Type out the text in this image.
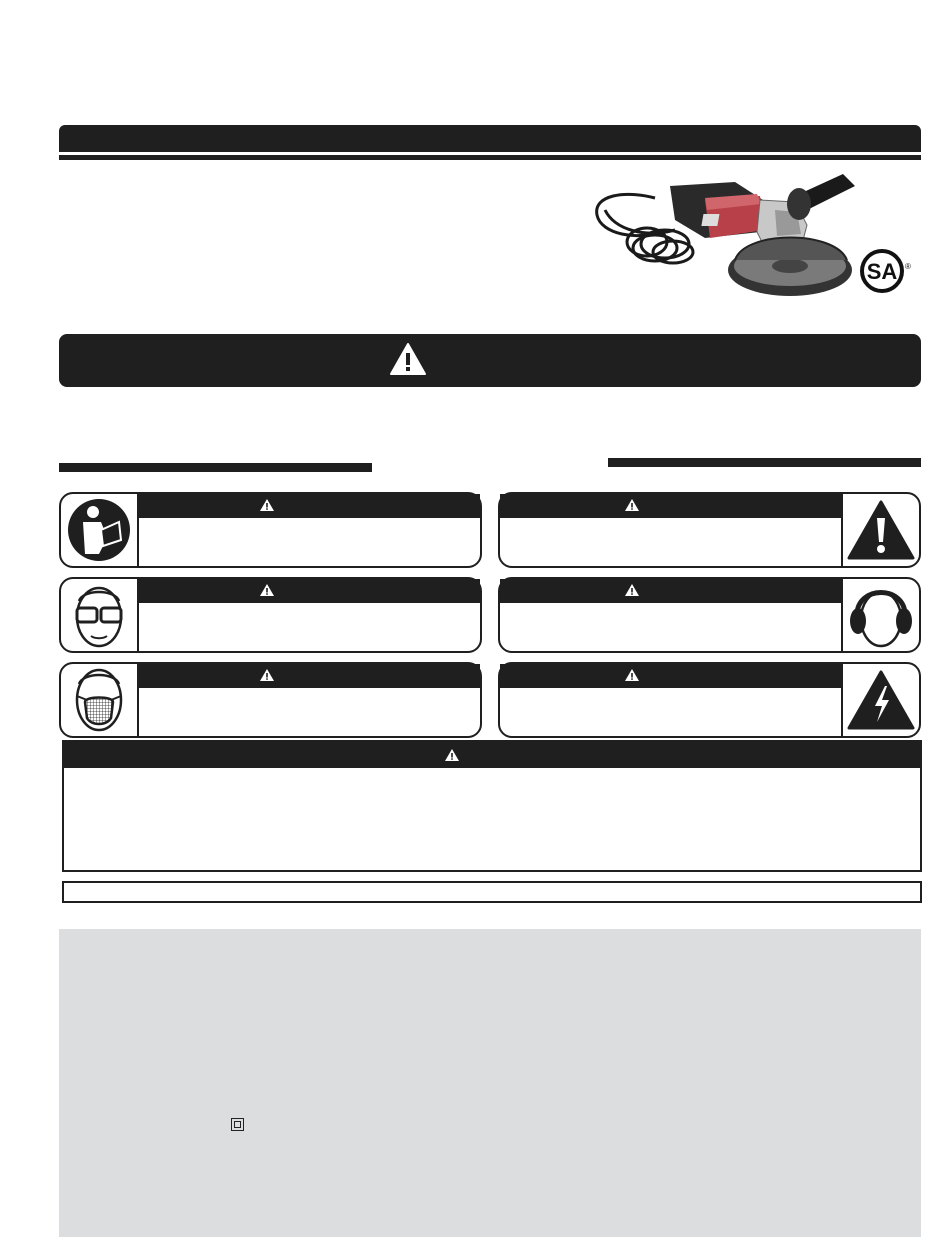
SA ®
